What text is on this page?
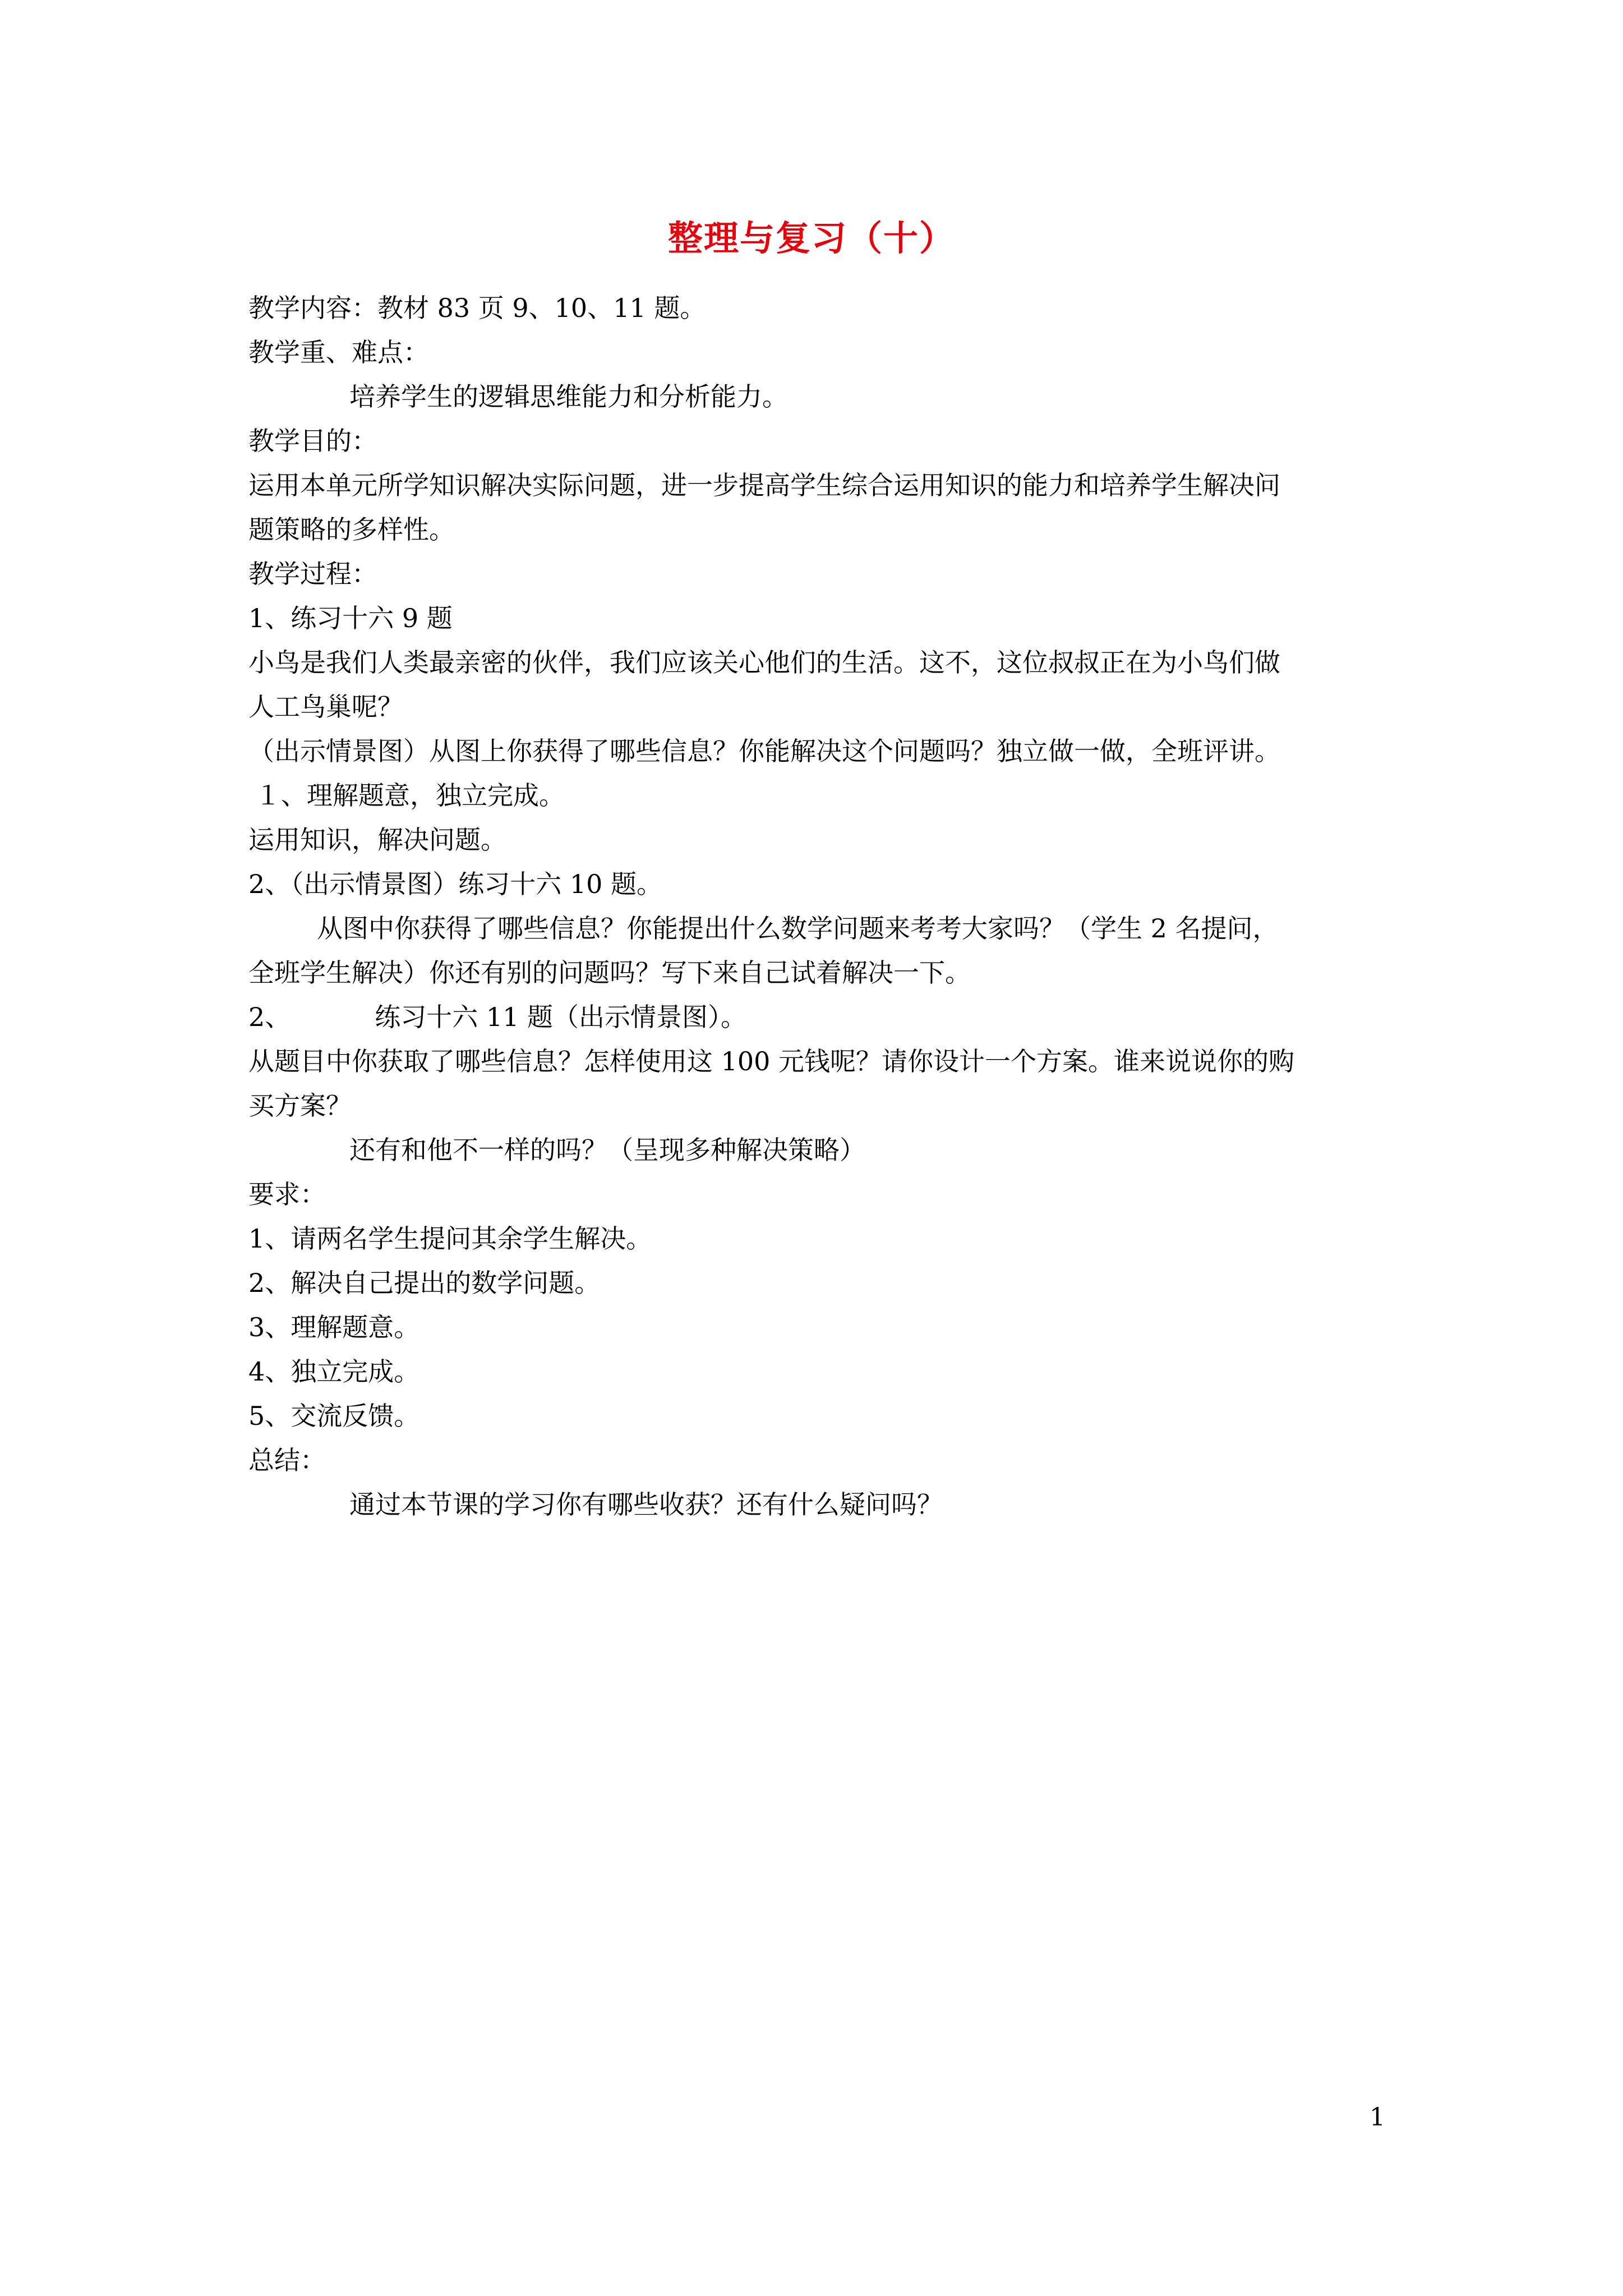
整理与复习（十）
教学内容：教材 83 页 9、10、11 题。
教学重、难点：
培养学生的逻辑思维能力和分析能力。
教学目的：
运用本单元所学知识解决实际问题，进一步提高学生综合运用知识的能力和培养学生解决问
题策略的多样性。
教学过程：
1、练习十六 9 题
小鸟是我们人类最亲密的伙伴，我们应该关心他们的生活。这不，这位叔叔正在为小鸟们做
人工鸟巢呢？
（出示情景图）从图上你获得了哪些信息？你能解决这个问题吗？独立做一做，全班评讲。
１、理解题意，独立完成。
运用知识，解决问题。
2、（出示情景图）练习十六 10 题。
从图中你获得了哪些信息？你能提出什么数学问题来考考大家吗？（学生 2 名提问，
全班学生解决）你还有别的问题吗？写下来自己试着解决一下。
2、	练习十六 11 题（出示情景图）。
从题目中你获取了哪些信息？怎样使用这 100 元钱呢？请你设计一个方案。谁来说说你的购
买方案？
还有和他不一样的吗？（呈现多种解决策略）
要求：
1、请两名学生提问其余学生解决。
2、解决自己提出的数学问题。
3、理解题意。
4、独立完成。
5、交流反馈。
总结：
通过本节课的学习你有哪些收获？还有什么疑问吗？
1
